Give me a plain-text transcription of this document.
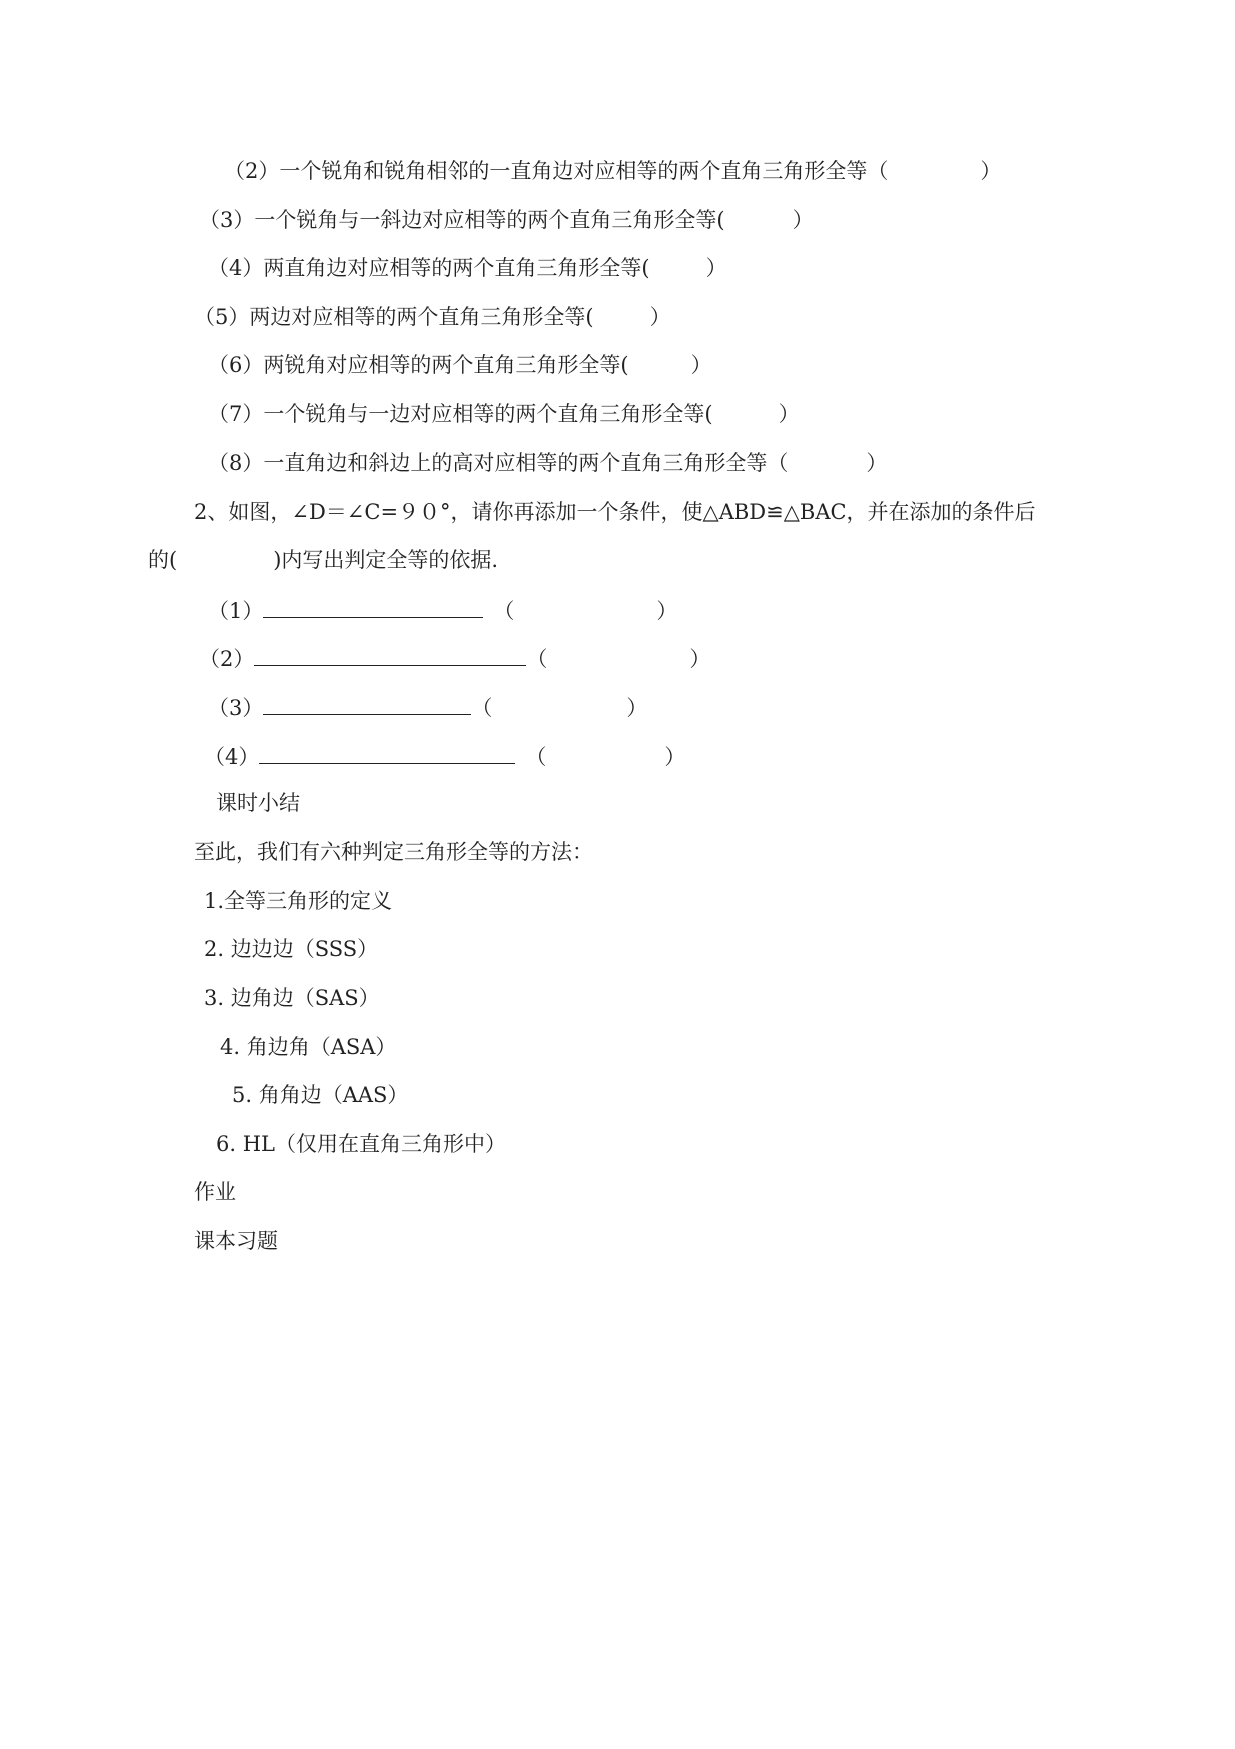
（2）一个锐角和锐角相邻的一直角边对应相等的两个直角三角形全等（	）
（3）一个锐角与一斜边对应相等的两个直角三角形全等(	）
（4）两直角边对应相等的两个直角三角形全等(	）
（5）两边对应相等的两个直角三角形全等(	）
（6）两锐角对应相等的两个直角三角形全等(	）
（7）一个锐角与一边对应相等的两个直角三角形全等(	）
（8）一直角边和斜边上的高对应相等的两个直角三角形全等（	）
2、如图，∠D＝∠C=９０°，请你再添加一个条件，使△ABD≌△BAC，并在添加的条件后
的(	)内写出判定全等的依据.
（1）	（	）
（2）	（	）
（3）	（	）
（4）	（	）
课时小结
至此，我们有六种判定三角形全等的方法：
1.全等三角形的定义
2. 边边边（SSS）
3. 边角边（SAS）
4. 角边角（ASA）
5. 角角边（AAS）
6. HL（仅用在直角三角形中）
作业
课本习题
